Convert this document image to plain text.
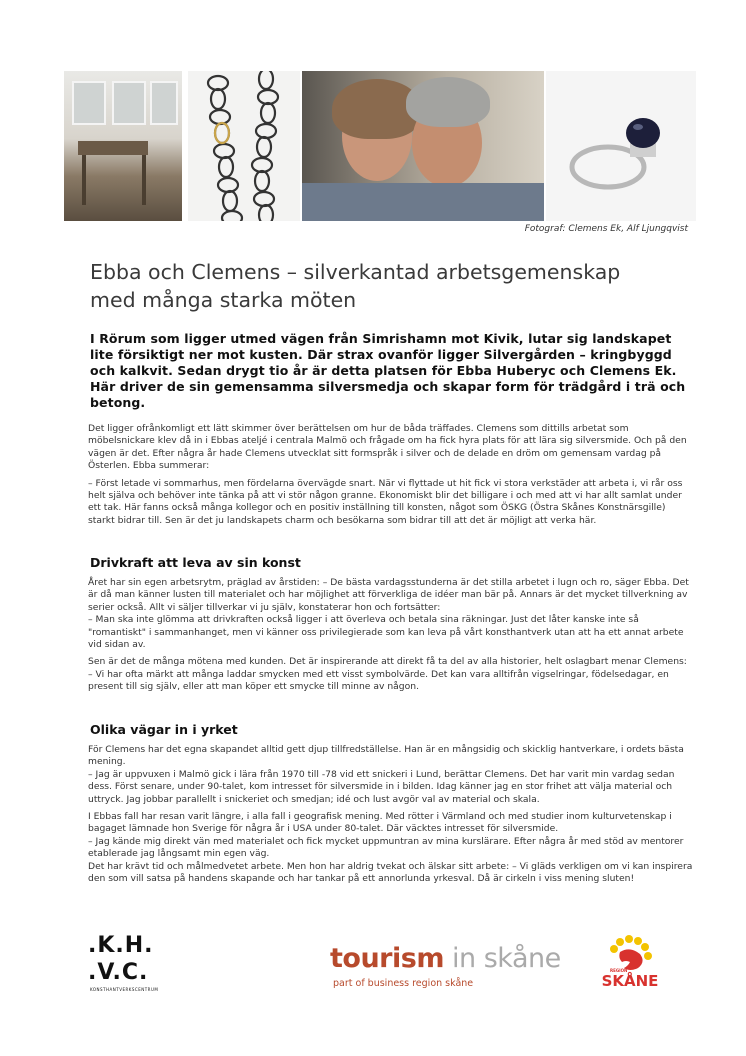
Fotograf: Clemens Ek, Alf Ljungqvist
Ebba och Clemens – silverkantad arbetsgemenskap
med många starka möten

I Rörum som ligger utmed vägen från Simrishamn mot Kivik, lutar sig landskapet lite försiktigt ner mot kusten. Där strax ovanför ligger Silvergården – kringbyggd och kalkvit. Sedan drygt tio år är detta platsen för Ebba Huberyc och Clemens Ek. Här driver de sin gemensamma silversmedja och skapar form för trädgård i trä och betong.

Det ligger ofrånkomligt ett lätt skimmer över berättelsen om hur de båda träffades. Clemens som dittills arbetat som möbelsnickare klev då in i Ebbas ateljé i centrala Malmö och frågade om ha fick hyra plats för att lära sig silversmide. Och på den vägen är det. Efter några år hade Clemens utvecklat sitt formspråk i silver och de delade en dröm om gemensam vardag på Österlen. Ebba summerar:

– Först letade vi sommarhus, men fördelarna övervägde snart. När vi flyttade ut hit fick vi stora verkstäder att arbeta i, vi rår oss helt själva och behöver inte tänka på att vi stör någon granne. Ekonomiskt blir det billigare i och med att vi har allt samlat under ett tak. Här fanns också många kollegor och en positiv inställning till konsten, något som ÖSKG (Östra Skånes Konstnärsgille) starkt bidrar till. Sen är det ju landskapets charm och besökarna som bidrar till att det är möjligt att verka här.

Drivkraft att leva av sin konst

Året har sin egen arbetsrytm, präglad av årstiden: – De bästa vardagsstunderna är det stilla arbetet i lugn och ro, säger Ebba. Det är då man känner lusten till materialet och har möjlighet att förverkliga de idéer man bär på. Annars är det mycket tillverkning av serier också. Allt vi säljer tillverkar vi ju själv, konstaterar hon och fortsätter:
– Man ska inte glömma att drivkraften också ligger i att överleva och betala sina räkningar. Just det låter kanske inte så "romantiskt" i sammanhanget, men vi känner oss privilegierade som kan leva på vårt konsthantverk utan att ha ett annat arbete vid sidan av.

Sen är det de många mötena med kunden. Det är inspirerande att direkt få ta del av alla historier, helt oslagbart menar Clemens:
– Vi har ofta märkt att många laddar smycken med ett visst symbolvärde. Det kan vara alltifrån vigselringar, födelsedagar, en present till sig själv, eller att man köper ett smycke till minne av någon.

Olika vägar in i yrket

För Clemens har det egna skapandet alltid gett djup tillfredställelse. Han är en mångsidig och skicklig hantverkare, i ordets bästa mening.
– Jag är uppvuxen i Malmö gick i lära från 1970 till -78 vid ett snickeri i Lund, berättar Clemens. Det har varit min vardag sedan dess. Först senare, under 90-talet, kom intresset för silversmide in i bilden. Idag känner jag en stor frihet att välja material och uttryck. Jag jobbar parallellt i snickeriet och smedjan; idé och lust avgör val av material och skala.

I Ebbas fall har resan varit längre, i alla fall i geografisk mening. Med rötter i Värmland och med studier inom kulturvetenskap i bagaget lämnade hon Sverige för några år i USA under 80-talet. Där väcktes intresset för silversmide.
– Jag kände mig direkt vän med materialet och fick mycket uppmuntran av mina kurslärare. Efter några år med stöd av mentorer etablerade jag långsamt min egen väg.
Det har krävt tid och målmedvetet arbete. Men hon har aldrig tvekat och älskar sitt arbete: – Vi gläds verkligen om vi kan inspirera den som vill satsa på handens skapande och har tankar på ett annorlunda yrkesval. Då är cirkeln i viss mening sluten!

.K.H.
.V.C.
KONSTHANTVERKSCENTRUM
tourism in skåne
part of business region skåne
REGION
SKÅNE
